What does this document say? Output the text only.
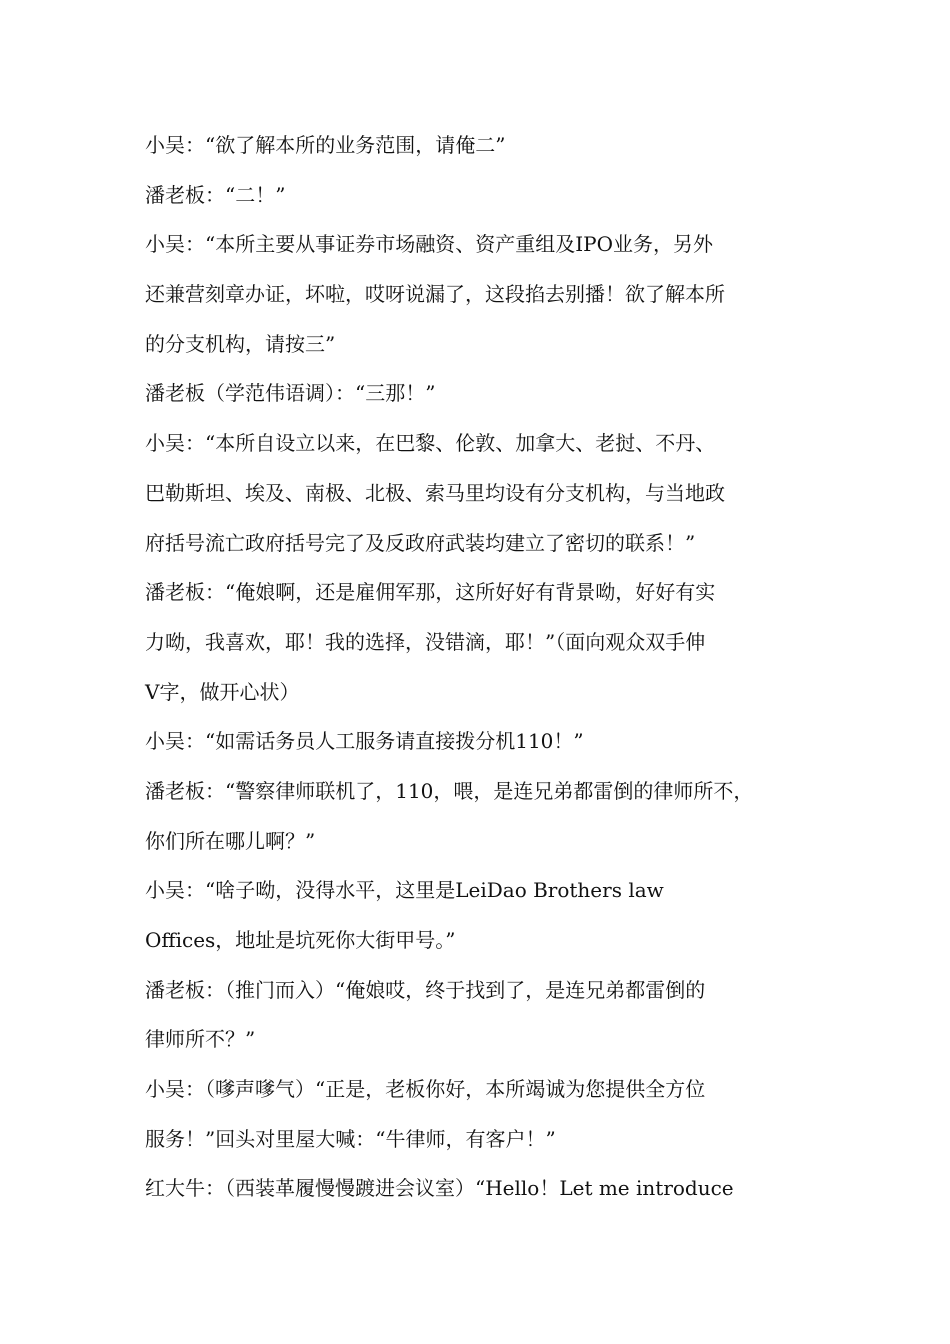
小吴：“欲了解本所的业务范围，请俺二”
潘老板：“二！”
小吴：“本所主要从事证券市场融资、资产重组及IPO业务，另外
还兼营刻章办证，坏啦，哎呀说漏了，这段掐去别播！欲了解本所
的分支机构，请按三”
潘老板（学范伟语调）：“三那！”
小吴：“本所自设立以来，在巴黎、伦敦、加拿大、老挝、不丹、
巴勒斯坦、埃及、南极、北极、索马里均设有分支机构，与当地政
府括号流亡政府括号完了及反政府武装均建立了密切的联系！”
潘老板：“俺娘啊，还是雇佣军那，这所好好有背景呦，好好有实
力呦，我喜欢，耶！我的选择，没错滴，耶！”（面向观众双手伸
V字，做开心状）
小吴：“如需话务员人工服务请直接拨分机110！”
潘老板：“警察律师联机了，110，喂，是连兄弟都雷倒的律师所不，
你们所在哪儿啊？”
小吴：“啥子呦，没得水平，这里是LeiDao Brothers law
Offices，地址是坑死你大街甲号。”
潘老板：（推门而入）“俺娘哎，终于找到了，是连兄弟都雷倒的
律师所不？”
小吴：（嗲声嗲气）“正是，老板你好，本所竭诚为您提供全方位
服务！”回头对里屋大喊：“牛律师，有客户！”
红大牛：（西装革履慢慢踱进会议室）“Hello！Let me introduce
